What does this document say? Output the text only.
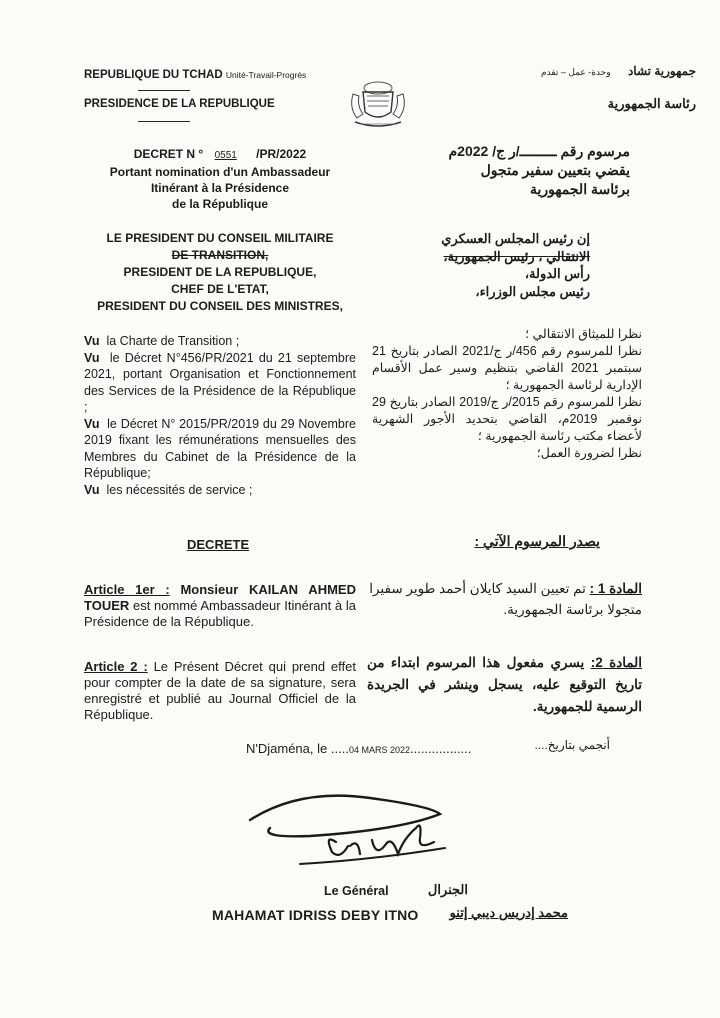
REPUBLIQUE DU TCHAD Unité-Travail-Progrès
PRESIDENCE DE LA REPUBLIQUE
جمهورية تشاد وحدة- عمل – تقدم
رئاسة الجمهورية
DECRET N ° 0551 /PR/2022
Portant nomination d'un Ambassadeur
Itinérant à la Présidence
de la République
مرسوم رقم ـــــــــ/ر ج/ 2022م
يقضي بتعيين سفير متجول
برئاسة الجمهورية
LE PRESIDENT DU CONSEIL MILITAIRE
DE TRANSITION,
PRESIDENT DE LA REPUBLIQUE,
CHEF DE L'ETAT,
PRESIDENT DU CONSEIL DES MINISTRES,
إن رئيس المجلس العسكري
الانتقالي ، رئيس الجمهورية،
رأس الدولة،
رئيس مجلس الوزراء،
Vu la Charte de Transition ;
Vu le Décret N°456/PR/2021 du 21 septembre 2021, portant Organisation et Fonctionnement des Services de la Présidence de la République ;
Vu le Décret N° 2015/PR/2019 du 29 Novembre 2019 fixant les rémunérations mensuelles des Membres du Cabinet de la Présidence de la République;
Vu les nécessités de service ;
نظرا للميثاق الانتقالي ؛
نظرا للمرسوم رقم 456/ر ج/2021 الصادر بتاريخ 21 سبتمبر 2021 القاضي بتنظيم وسير عمل الأقسام الإدارية لرئاسة الجمهورية ؛
نظرا للمرسوم رقم 2015/ر ج/2019 الصادر بتاريخ 29 نوفمبر 2019م، القاضي بتحديد الأجور الشهرية لأعضاء مكتب رئاسة الجمهورية ؛
نظرا لضرورة العمل؛
DECRETE	يصدر المرسوم الآتي :
Article 1er : Monsieur KAILAN AHMED TOUER est nommé Ambassadeur Itinérant à la Présidence de la République.
المادة 1 : تم تعيين السيد كايلان أحمد طوير سفيرا متجولا برئاسة الجمهورية.
Article 2 : Le Présent Décret qui prend effet pour compter de la date de sa signature, sera enregistré et publié au Journal Officiel de la République.
المادة 2: يسري مفعول هذا المرسوم ابتداء من تاريخ التوقيع عليه، يسجل وينشر في الجريدة الرسمية للجمهورية.
N'Djaména, le .....04 MARS 2022.................	أنجمي بتاريخ....
Le Général	الجنرال
MAHAMAT IDRISS DEBY ITNO	محمد إدريس ديبي إتنو
